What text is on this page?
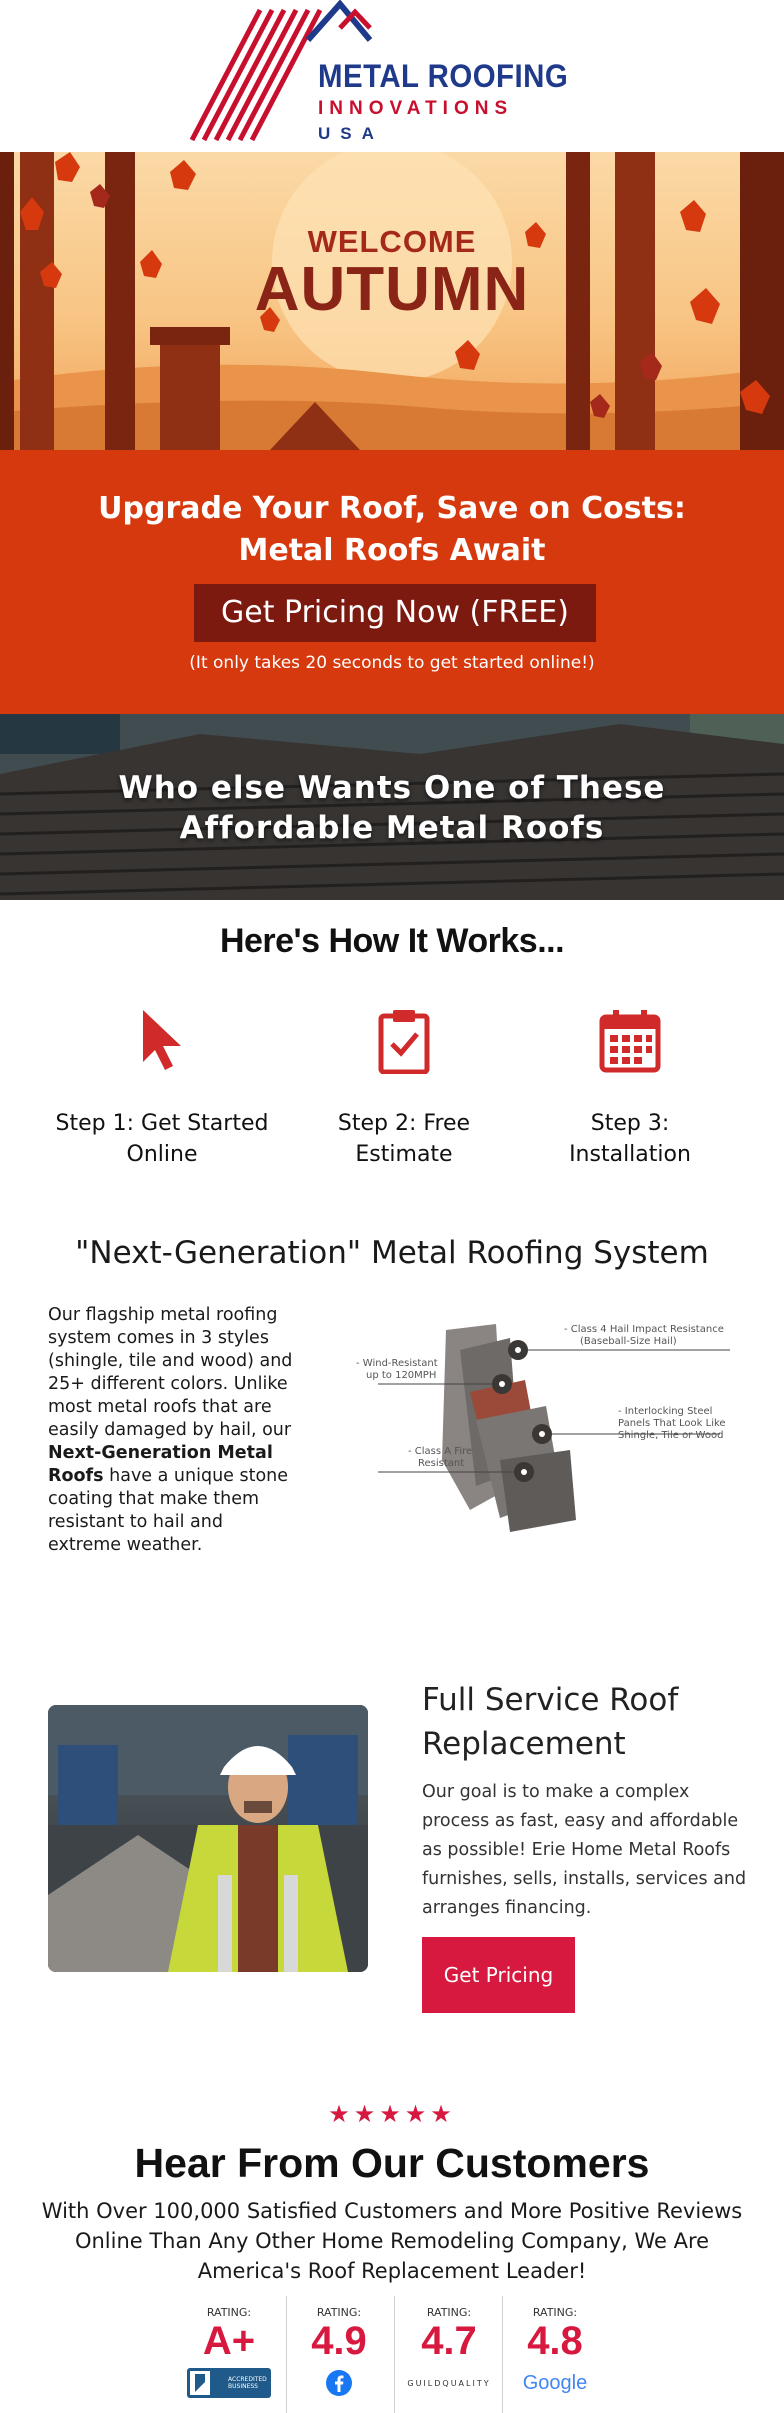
METAL ROOFING
INNOVATIONS
USA
WELCOME
AUTUMN
Upgrade Your Roof, Save on Costs:
Metal Roofs Await
Get Pricing Now (FREE)
(It only takes 20 seconds to get started online!)
Who else Wants One of These
Affordable Metal Roofs
Here's How It Works...
Step 1: Get Started
Online
Step 2: Free
Estimate
Step 3:
Installation
"Next-Generation" Metal Roofing System
Our flagship metal roofing system comes in 3 styles (shingle, tile and wood) and 25+ different colors. Unlike most metal roofs that are easily damaged by hail, our Next-Generation Metal Roofs have a unique stone coating that make them resistant to hail and extreme weather.
- Class 4 Hail Impact Resistance
(Baseball-Size Hail)
- Wind-Resistant
up to 120MPH
- Interlocking Steel
Panels That Look Like
Shingle, Tile or Wood
- Class A Fire
Resistant
Full Service Roof
Replacement
Our goal is to make a complex process as fast, easy and affordable as possible! Erie Home Metal Roofs furnishes, sells, installs, services and arranges financing.
Get Pricing
★★★★★
Hear From Our Customers
With Over 100,000 Satisfied Customers and More Positive Reviews Online Than Any Other Home Remodeling Company, We Are America's Roof Replacement Leader!
RATING:
A+
ACCREDITED BUSINESS
RATING:
4.9
RATING:
4.7
GUILDQUALITY
RATING:
4.8
Google
